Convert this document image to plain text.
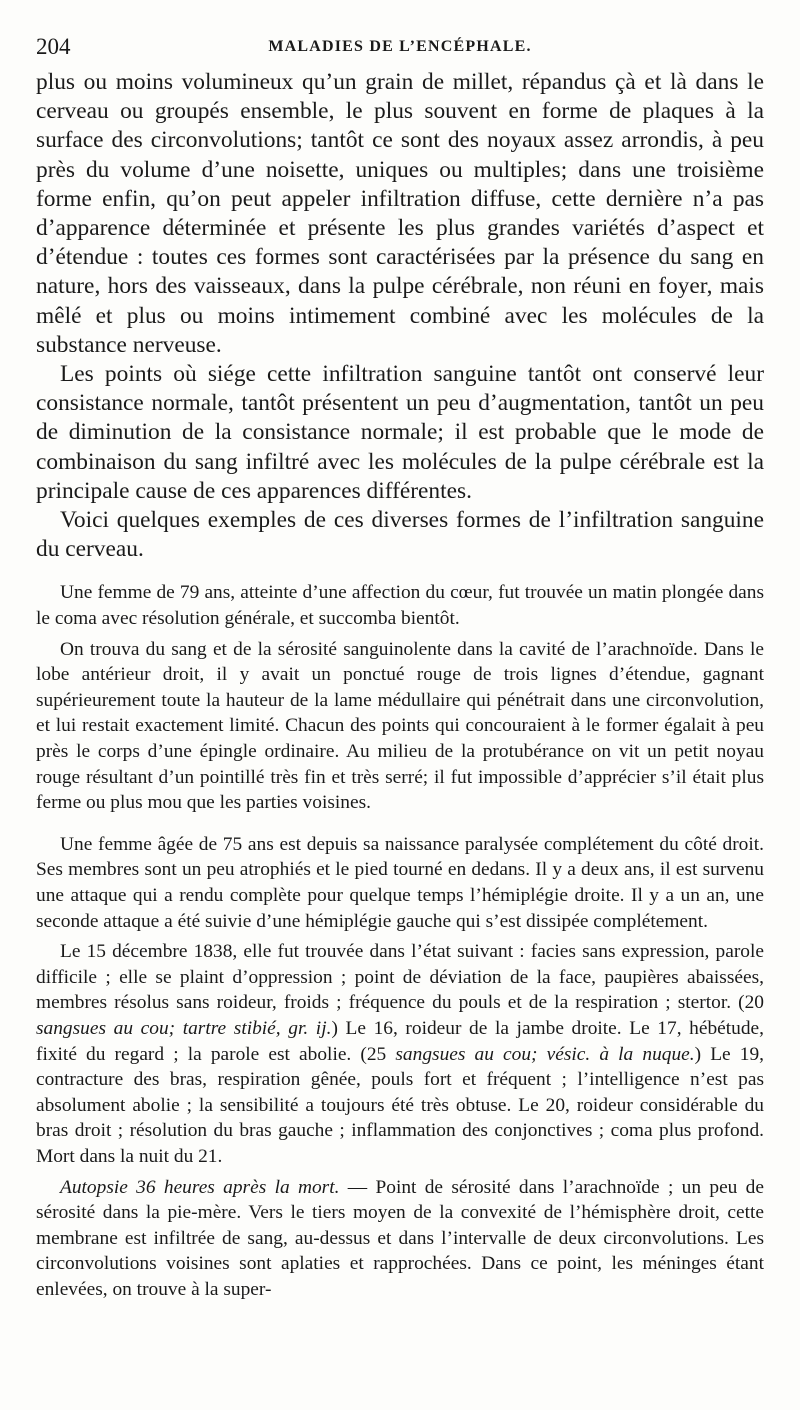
204	MALADIES DE L’ENCÉPHALE.

plus ou moins volumineux qu’un grain de millet, répandus çà et là dans le cerveau ou groupés ensemble, le plus souvent en forme de plaques à la surface des circonvolutions; tantôt ce sont des noyaux assez arrondis, à peu près du volume d’une noisette, uniques ou multiples; dans une troisième forme enfin, qu’on peut appeler infiltration diffuse, cette dernière n’a pas d’apparence déterminée et présente les plus grandes variétés d’aspect et d’étendue : toutes ces formes sont caractérisées par la présence du sang en nature, hors des vaisseaux, dans la pulpe cérébrale, non réuni en foyer, mais mêlé et plus ou moins intimement combiné avec les molécules de la substance nerveuse.

Les points où siége cette infiltration sanguine tantôt ont conservé leur consistance normale, tantôt présentent un peu d’augmentation, tantôt un peu de diminution de la consistance normale; il est probable que le mode de combinaison du sang infiltré avec les molécules de la pulpe cérébrale est la principale cause de ces apparences différentes.

Voici quelques exemples de ces diverses formes de l’infiltration sanguine du cerveau.

Une femme de 79 ans, atteinte d’une affection du cœur, fut trouvée un matin plongée dans le coma avec résolution générale, et succomba bientôt.

On trouva du sang et de la sérosité sanguinolente dans la cavité de l’arachnoïde. Dans le lobe antérieur droit, il y avait un ponctué rouge de trois lignes d’étendue, gagnant supérieurement toute la hauteur de la lame médullaire qui pénétrait dans une circonvolution, et lui restait exactement limité. Chacun des points qui concouraient à le former égalait à peu près le corps d’une épingle ordinaire. Au milieu de la protubérance on vit un petit noyau rouge résultant d’un pointillé très fin et très serré; il fut impossible d’apprécier s’il était plus ferme ou plus mou que les parties voisines.

Une femme âgée de 75 ans est depuis sa naissance paralysée complétement du côté droit. Ses membres sont un peu atrophiés et le pied tourné en dedans. Il y a deux ans, il est survenu une attaque qui a rendu complète pour quelque temps l’hémiplégie droite. Il y a un an, une seconde attaque a été suivie d’une hémiplégie gauche qui s’est dissipée complétement.

Le 15 décembre 1838, elle fut trouvée dans l’état suivant : facies sans expression, parole difficile ; elle se plaint d’oppression ; point de déviation de la face, paupières abaissées, membres résolus sans roideur, froids ; fréquence du pouls et de la respiration ; stertor. (20 sangsues au cou; tartre stibié, gr. ij.) Le 16, roideur de la jambe droite. Le 17, hébétude, fixité du regard ; la parole est abolie. (25 sangsues au cou; vésic. à la nuque.) Le 19, contracture des bras, respiration gênée, pouls fort et fréquent ; l’intelligence n’est pas absolument abolie ; la sensibilité a toujours été très obtuse. Le 20, roideur considérable du bras droit ; résolution du bras gauche ; inflammation des conjonctives ; coma plus profond. Mort dans la nuit du 21.

Autopsie 36 heures après la mort. — Point de sérosité dans l’arachnoïde ; un peu de sérosité dans la pie-mère. Vers le tiers moyen de la convexité de l’hémisphère droit, cette membrane est infiltrée de sang, au-dessus et dans l’intervalle de deux circonvolutions. Les circonvolutions voisines sont aplaties et rapprochées. Dans ce point, les méninges étant enlevées, on trouve à la super-
